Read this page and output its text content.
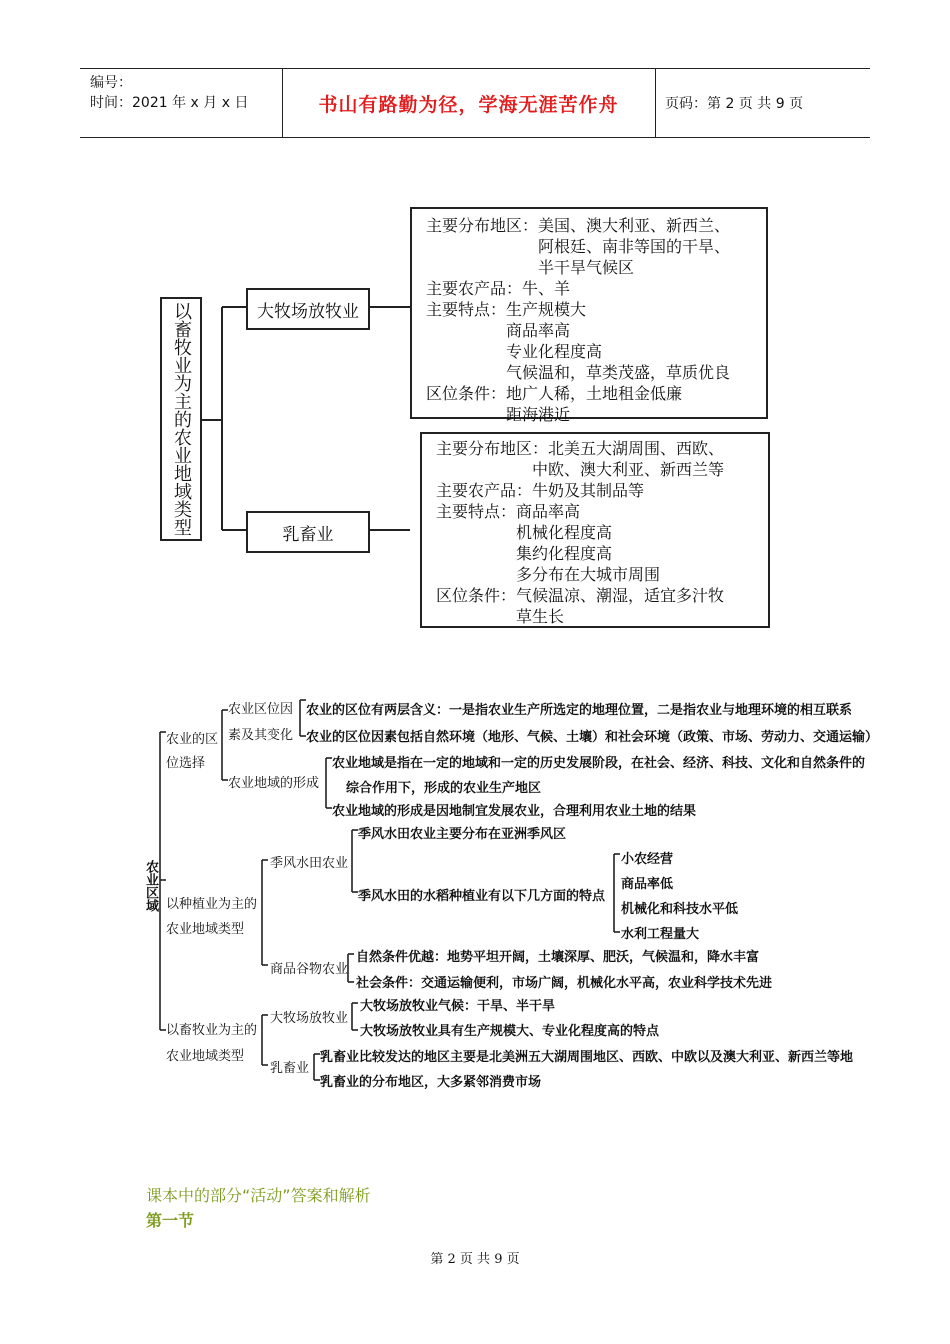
编号：
时间：2021 年 x 月 x 日	书山有路勤为径，学海无涯苦作舟	页码：第 2 页 共 9 页
以畜牧业为主的农业地域类型	大牧场放牧业
乳畜业
主要分布地区：美国、澳大利亚、新西兰、
　　　　　　　阿根廷、南非等国的干旱、
　　　　　　　半干旱气候区
主要农产品：牛、羊
主要特点：生产规模大
　　　　　商品率高
　　　　　专业化程度高
　　　　　气候温和，草类茂盛，草质优良
区位条件：地广人稀，土地租金低廉
　　　　　距海港近
主要分布地区：北美五大湖周围、西欧、
　　　　　　中欧、澳大利亚、新西兰等
主要农产品：牛奶及其制品等
主要特点：商品率高
　　　　　机械化程度高
　　　　　集约化程度高
　　　　　多分布在大城市周围
区位条件：气候温凉、潮湿，适宜多汁牧
　　　　　草生长
农业区域
农业的区
位选择
农业区位因
素及其变化
农业的区位有两层含义：一是指农业生产所选定的地理位置，二是指农业与地理环境的相互联系
农业的区位因素包括自然环境（地形、气候、土壤）和社会环境（政策、市场、劳动力、交通运输）
农业地域的形成
农业地域是指在一定的地域和一定的历史发展阶段，在社会、经济、科技、文化和自然条件的
综合作用下，形成的农业生产地区
农业地域的形成是因地制宜发展农业，合理利用农业土地的结果
以种植业为主的
农业地域类型
季风水田农业
季风水田农业主要分布在亚洲季风区
季风水田的水稻种植业有以下几方面的特点
小农经营
商品率低
机械化和科技水平低
水利工程量大
商品谷物农业
自然条件优越：地势平坦开阔，土壤深厚、肥沃，气候温和，降水丰富
社会条件：交通运输便利，市场广阔，机械化水平高，农业科学技术先进
以畜牧业为主的
农业地域类型
大牧场放牧业
大牧场放牧业气候：干旱、半干旱
大牧场放牧业具有生产规模大、专业化程度高的特点
乳畜业
乳畜业比较发达的地区主要是北美洲五大湖周围地区、西欧、中欧以及澳大利亚、新西兰等地
乳畜业的分布地区，大多紧邻消费市场
课本中的部分“活动”答案和解析
第一节
第 2 页 共 9 页
